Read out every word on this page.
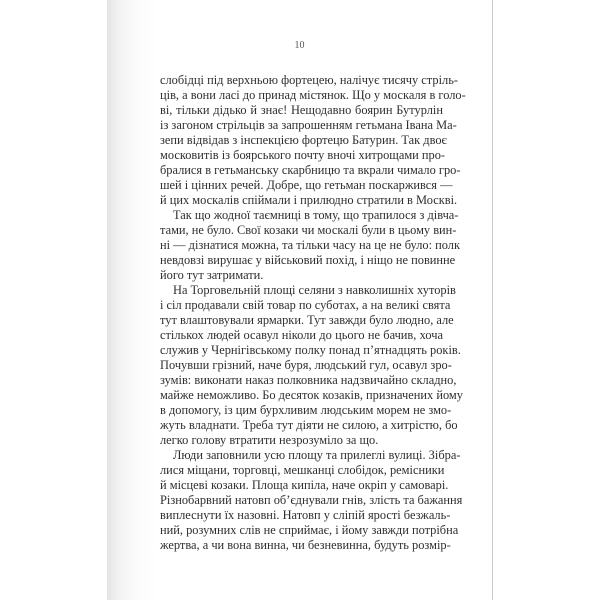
10
слобідці під верхньою фортецею, налічує тисячу стріль-
ців, а вони ласі до принад містянок. Що у москаля в голо-
ві, тільки дідько й знає! Нещодавно боярин Бутурлін
із загоном стрільців за запрошенням гетьмана Івана Ма-
зепи відвідав з інспекцією фортецю Батурин. Так двоє
московитів із боярського почту вночі хитрощами про-
бралися в гетьманську скарбницю та вкрали чимало гро-
шей і цінних речей. Добре, що гетьман поскаржився —
й цих москалів спіймали і прилюдно стратили в Москві.
Так що жодної таємниці в тому, що трапилося з дівча-
тами, не було. Свої козаки чи москалі були в цьому вин-
ні — дізнатися можна, та тільки часу на це не було: полк
невдовзі вирушає у військовий похід, і ніщо не повинне
його тут затримати.
На Торговельній площі селяни з навколишніх хуторів
і сіл продавали свій товар по суботах, а на великі свята
тут влаштовували ярмарки. Тут завжди було людно, але
стількох людей осавул ніколи до цього не бачив, хоча
служив у Чернігівському полку понад п’ятнадцять років.
Почувши грізний, наче буря, людський гул, осавул зро-
зумів: виконати наказ полковника надзвичайно складно,
майже неможливо. Бо десяток козаків, призначених йому
в допомогу, із цим бурхливим людським морем не змо-
жуть владнати. Треба тут діяти не силою, а хитрістю, бо
легко голову втратити незрозуміло за що.
Люди заповнили усю площу та прилеглі вулиці. Зібра-
лися міщани, торговці, мешканці слобідок, ремісники
й місцеві козаки. Площа кипіла, наче окріп у самоварі.
Різнобарвний натовп об’єднували гнів, злість та бажання
виплеснути їх назовні. Натовп у сліпій ярості безжаль-
ний, розумних слів не сприймає, і йому завжди потрібна
жертва, а чи вона винна, чи безневинна, будуть розмір-
